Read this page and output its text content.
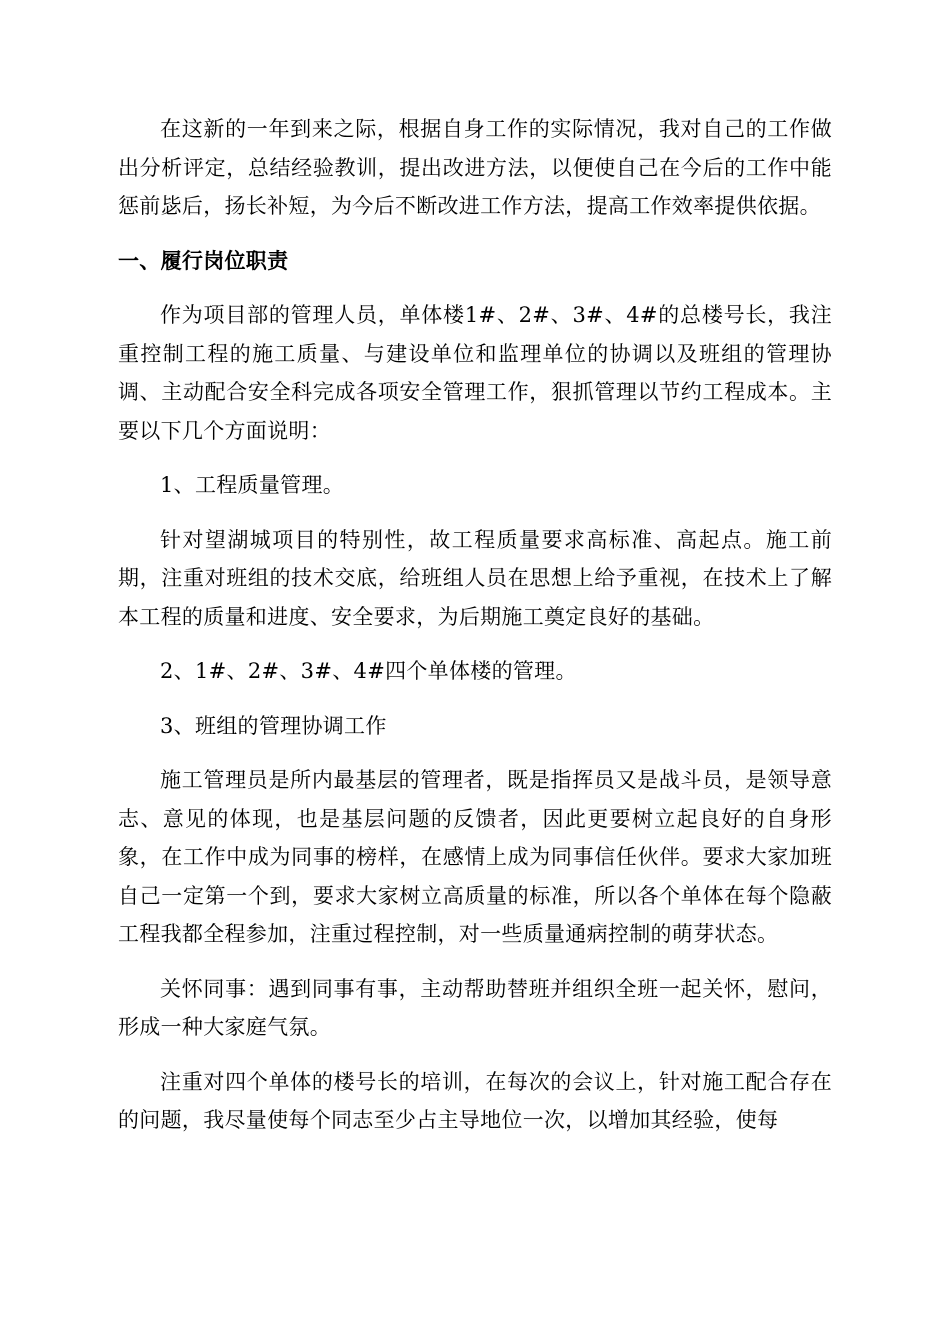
在这新的一年到来之际，根据自身工作的实际情况，我对自己的工作做出分析评定，总结经验教训，提出改进方法，以便使自己在今后的工作中能惩前毖后，扬长补短，为今后不断改进工作方法，提高工作效率提供依据。

一、履行岗位职责

作为项目部的管理人员，单体楼1#、2#、3#、4#的总楼号长，我注重控制工程的施工质量、与建设单位和监理单位的协调以及班组的管理协调、主动配合安全科完成各项安全管理工作，狠抓管理以节约工程成本。主要以下几个方面说明：

1、工程质量管理。

针对望湖城项目的特别性，故工程质量要求高标准、高起点。施工前期，注重对班组的技术交底，给班组人员在思想上给予重视，在技术上了解本工程的质量和进度、安全要求，为后期施工奠定良好的基础。

2、1#、2#、3#、4#四个单体楼的管理。

3、班组的管理协调工作

施工管理员是所内最基层的管理者，既是指挥员又是战斗员，是领导意志、意见的体现，也是基层问题的反馈者，因此更要树立起良好的自身形象，在工作中成为同事的榜样，在感情上成为同事信任伙伴。要求大家加班自己一定第一个到，要求大家树立高质量的标准，所以各个单体在每个隐蔽工程我都全程参加，注重过程控制，对一些质量通病控制的萌芽状态。

关怀同事：遇到同事有事，主动帮助替班并组织全班一起关怀，慰问，形成一种大家庭气氛。

注重对四个单体的楼号长的培训，在每次的会议上，针对施工配合存在的问题，我尽量使每个同志至少占主导地位一次，以增加其经验，使每
